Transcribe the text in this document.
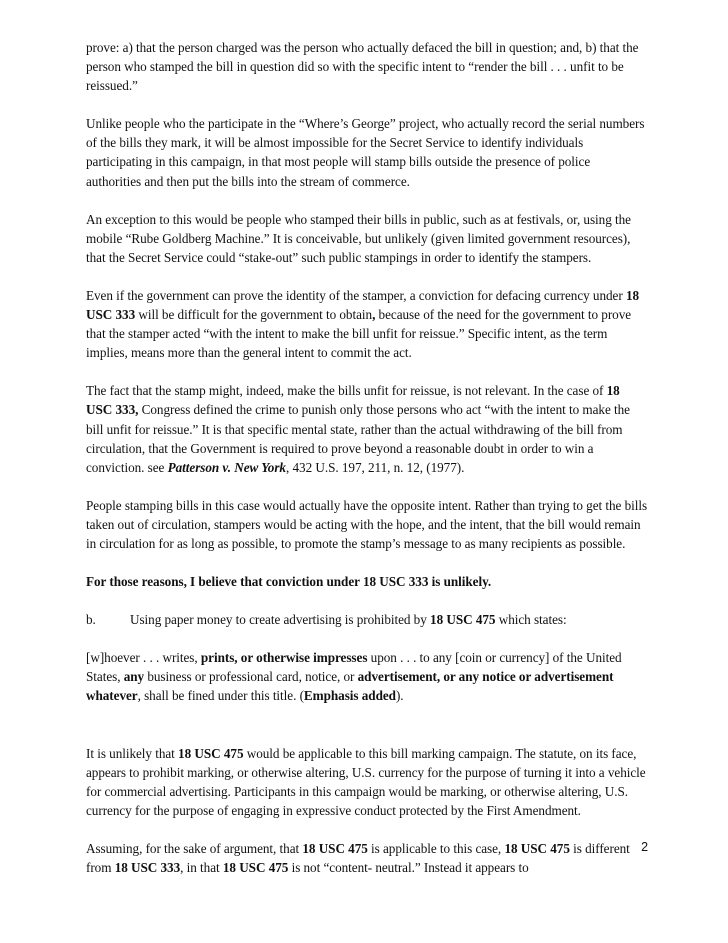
prove: a) that the person charged was the person who actually defaced the bill in question; and, b) that the person who stamped the bill in question did so with the specific intent to “render the bill . . . unfit to be reissued.”

Unlike people who the participate in the “Where’s George” project, who actually record the serial numbers of the bills they mark, it will be almost impossible for the Secret Service to identify individuals participating in this campaign, in that most people will stamp bills outside the presence of police authorities and then put the bills into the stream of commerce.

An exception to this would be people who stamped their bills in public, such as at festivals, or, using the mobile “Rube Goldberg Machine.” It is conceivable, but unlikely (given limited government resources), that the Secret Service could “stake-out” such public stampings in order to identify the stampers.

Even if the government can prove the identity of the stamper, a conviction for defacing currency under 18 USC 333 will be difficult for the government to obtain, because of the need for the government to prove that the stamper acted “with the intent to make the bill unfit for reissue.” Specific intent, as the term implies, means more than the general intent to commit the act.

The fact that the stamp might, indeed, make the bills unfit for reissue, is not relevant. In the case of 18 USC 333, Congress defined the crime to punish only those persons who act “with the intent to make the bill unfit for reissue.” It is that specific mental state, rather than the actual withdrawing of the bill from circulation, that the Government is required to prove beyond a reasonable doubt in order to win a conviction. see Patterson v. New York, 432 U.S. 197, 211, n. 12, (1977).

People stamping bills in this case would actually have the opposite intent. Rather than trying to get the bills taken out of circulation, stampers would be acting with the hope, and the intent, that the bill would remain in circulation for as long as possible, to promote the stamp’s message to as many recipients as possible.

For those reasons, I believe that conviction under 18 USC 333 is unlikely.

b.	Using paper money to create advertising is prohibited by 18 USC 475 which states:

[w]hoever . . . writes, prints, or otherwise impresses upon . . . to any [coin or currency] of the United States, any business or professional card, notice, or advertisement, or any notice or advertisement whatever, shall be fined under this title. (Emphasis added).

It is unlikely that 18 USC 475 would be applicable to this bill marking campaign. The statute, on its face, appears to prohibit marking, or otherwise altering, U.S. currency for the purpose of turning it into a vehicle for commercial advertising. Participants in this campaign would be marking, or otherwise altering, U.S. currency for the purpose of engaging in expressive conduct protected by the First Amendment.

Assuming, for the sake of argument, that 18 USC 475 is applicable to this case, 18 USC 475 is different from 18 USC 333, in that 18 USC 475 is not “content- neutral.” Instead it appears to

2
